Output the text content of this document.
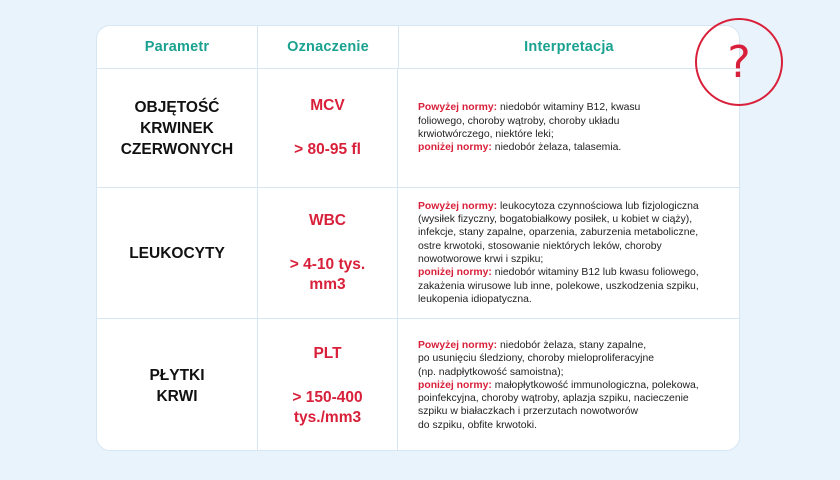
Parametr	Oznaczenie	Interpretacja
OBJĘTOŚĆ
KRWINEK
CZERWONYCH
MCV
> 80-95 fl

Powyżej normy: niedobór witaminy B12, kwasu

foliowego, choroby wątroby, choroby układu

krwiotwórczego, niektóre leki;

poniżej normy: niedobór żelaza, talasemia.

LEUKOCYTY
WBC
> 4-10 tys.
mm3

Powyżej normy: leukocytoza czynnościowa lub fizjologiczna

(wysiłek fizyczny, bogatobiałkowy posiłek, u kobiet w ciąży),

infekcje, stany zapalne, oparzenia, zaburzenia metaboliczne,

ostre krwotoki, stosowanie niektórych leków, choroby

nowotworowe krwi i szpiku;

poniżej normy: niedobór witaminy B12 lub kwasu foliowego,

zakażenia wirusowe lub inne, polekowe, uszkodzenia szpiku,

leukopenia idiopatyczna.

PŁYTKI
KRWI
PLT
> 150-400
tys./mm3

Powyżej normy: niedobór żelaza, stany zapalne,

po usunięciu śledziony, choroby mieloproliferacyjne

(np. nadpłytkowość samoistna);

poniżej normy: małopłytkowość immunologiczna, polekowa,

poinfekcyjna, choroby wątroby, aplazja szpiku, nacieczenie

szpiku w białaczkach i przerzutach nowotworów

do szpiku, obfite krwotoki.

?
